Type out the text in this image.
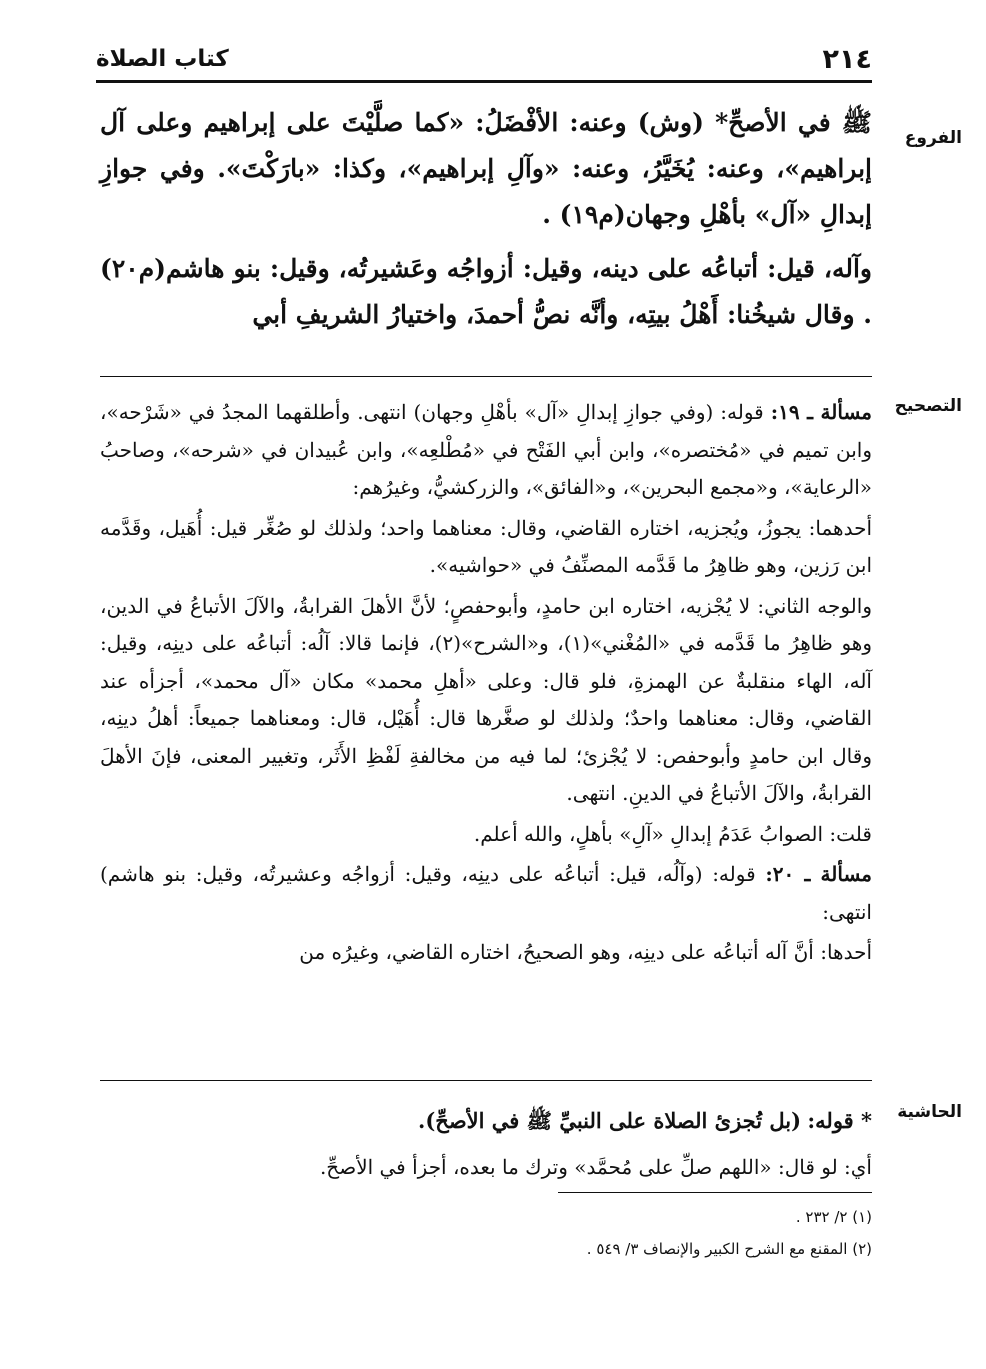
٢١٤
كتاب الصلاة
الفروع

ﷺ في الأصحِّ* (وش) وعنه: الأفْضَلُ: «كما صلَّيْتَ على إبراهيم وعلى آل إبراهيم»، وعنه: يُخَيَّرُ، وعنه: «وآلِ إبراهيم»، وكذا: «بارَكْتَ». وفي جوازِ إبدالِ «آل» بأهْلِ وجهان(م١٩) .

وآله، قيل: أتباعُه على دينه، وقيل: أزواجُه وعَشيرتُه، وقيل: بنو هاشم(م٢٠) . وقال شيخُنا: أَهْلُ بيتِه، وأنَّه نصُّ أحمدَ، واختيارُ الشريفِ أبي

التصحيح

مسألة ـ ١٩: قوله: (وفي جوازِ إبدالِ «آل» بأهْلِ وجهان) انتهى. وأطلقهما المجدُ في «شَرْحه»، وابن تميم في «مُختصره»، وابن أبي الفَتْح في «مُطْلعِه»، وابن عُبيدان في «شرحه»، وصاحبُ «الرعاية»، و«مجمع البحرين»، و«الفائق»، والزركشيُّ، وغيرُهم:

أحدهما: يجوزُ، ويُجزيه، اختاره القاضي، وقال: معناهما واحد؛ ولذلك لو صُغِّر قيل: أُهَيل، وقَدَّمه ابن رَزين، وهو ظاهِرُ ما قَدَّمه المصنِّفُ في «حواشيه».

والوجه الثاني: لا يُجْزيه، اختاره ابن حامدٍ، وأبوحفصٍ؛ لأنَّ الأهلَ القرابةُ، والآلَ الأتباعُ في الدين، وهو ظاهِرُ ما قَدَّمه في «المُغْني»(١)، و«الشرح»(٢)، فإنما قالا: آلُه: أتباعُه على دينِه، وقيل: آله، الهاء منقلبةٌ عن الهمزةِ، فلو قال: وعلى «أهلِ محمد» مكان «آل محمد»، أجزأه عند القاضي، وقال: معناهما واحدٌ؛ ولذلك لو صغَّرها قال: أُهَيْل، قال: ومعناهما جميعاً: أهلُ دينِه، وقال ابن حامدٍ وأبوحفص: لا يُجْزئ؛ لما فيه من مخالفةِ لَفْظِ الأَثَر، وتغيير المعنى، فإنَ الأهلَ القرابةُ، والآلَ الأتباعُ في الدينِ. انتهى.

قلت: الصوابُ عَدَمُ إبدالِ «آلِ» بأهلٍ، والله أعلم.

مسألة ـ ٢٠: قوله: (وآلُه، قيل: أتباعُه على دينِه، وقيل: أزواجُه وعشيرتُه، وقيل: بنو هاشم) انتهى:

أحدها: أنَّ آله أتباعُه على دينِه، وهو الصحيحُ، اختاره القاضي، وغيرُه من

الحاشية

* قوله: (بل تُجزئ الصلاة على النبيِّ ﷺ في الأصحِّ).

أي: لو قال: «اللهم صلِّ على مُحمَّد» وترك ما بعده، أجزأ في الأصحِّ.

(١) ٢/ ٢٣٢ .
(٢) المقنع مع الشرح الكبير والإنصاف ٣/ ٥٤٩ .
